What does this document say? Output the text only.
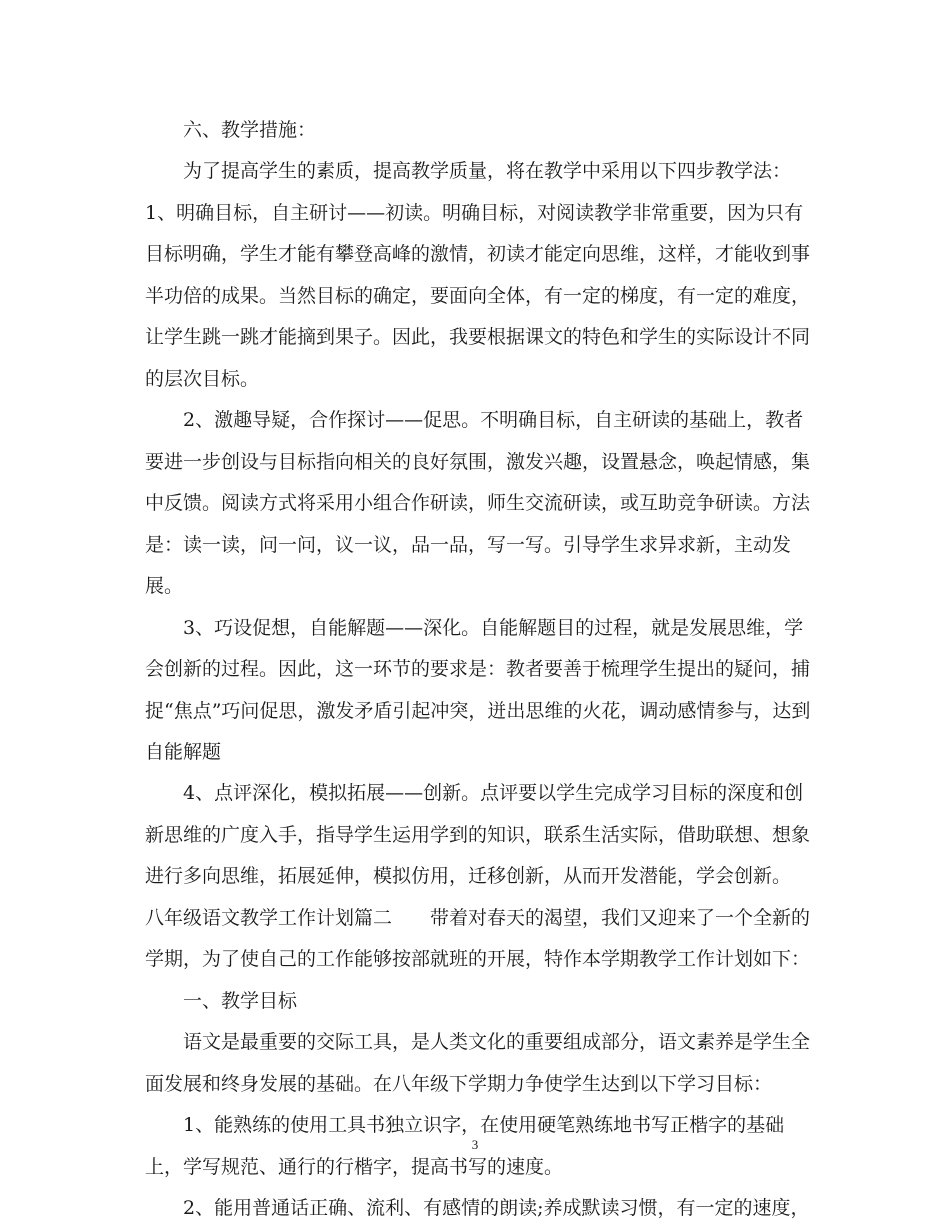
六、教学措施：
为了提高学生的素质，提高教学质量，将在教学中采用以下四步教学法：
1、明确目标，自主研讨——初读。明确目标，对阅读教学非常重要，因为只有
目标明确，学生才能有攀登高峰的激情，初读才能定向思维，这样，才能收到事
半功倍的成果。当然目标的确定，要面向全体，有一定的梯度，有一定的难度，
让学生跳一跳才能摘到果子。因此，我要根据课文的特色和学生的实际设计不同
的层次目标。
2、激趣导疑，合作探讨——促思。不明确目标，自主研读的基础上，教者
要进一步创设与目标指向相关的良好氛围，激发兴趣，设置悬念，唤起情感，集
中反馈。阅读方式将采用小组合作研读，师生交流研读，或互助竞争研读。方法
是：读一读，问一问，议一议，品一品，写一写。引导学生求异求新，主动发
展。
3、巧设促想，自能解题——深化。自能解题目的过程，就是发展思维，学
会创新的过程。因此，这一环节的要求是：教者要善于梳理学生提出的疑问，捕
捉“焦点”巧问促思，激发矛盾引起冲突，迸出思维的火花，调动感情参与，达到
自能解题
4、点评深化，模拟拓展——创新。点评要以学生完成学习目标的深度和创
新思维的广度入手，指导学生运用学到的知识，联系生活实际，借助联想、想象
进行多向思维，拓展延伸，模拟仿用，迁移创新，从而开发潜能，学会创新。
八年级语文教学工作计划篇二　　带着对春天的渴望，我们又迎来了一个全新的
学期，为了使自己的工作能够按部就班的开展，特作本学期教学工作计划如下：
一、教学目标
语文是最重要的交际工具，是人类文化的重要组成部分，语文素养是学生全
面发展和终身发展的基础。在八年级下学期力争使学生达到以下学习目标：
1、能熟练的使用工具书独立识字，在使用硬笔熟练地书写正楷字的基础
上，学写规范、通行的行楷字，提高书写的速度。
2、能用普通话正确、流利、有感情的朗读;养成默读习惯，有一定的速度，
3
